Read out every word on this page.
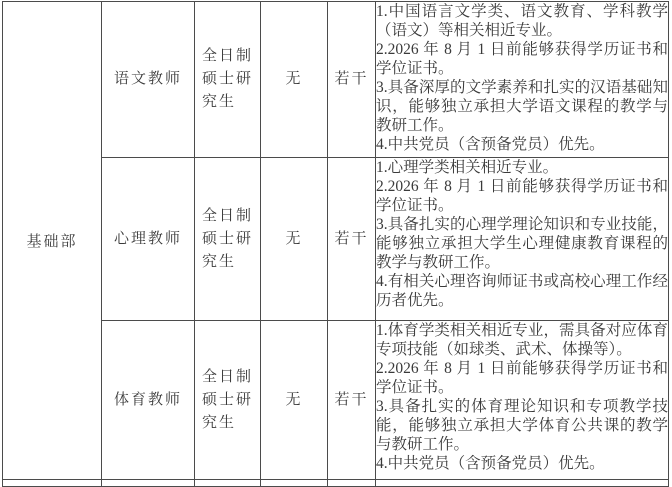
基础部	语文教师	全日制硕士研究生	无	若干	1.中国语言文学类、语文教育、学科教学（语文）等相关相近专业。
2.2026 年 8 月 1 日前能够获得学历证书和学位证书。
3.具备深厚的文学素养和扎实的汉语基础知识，能够独立承担大学语文课程的教学与教研工作。
4.中共党员（含预备党员）优先。

	心理教师	全日制硕士研究生	无	若干	1.心理学类相关相近专业。
2.2026 年 8 月 1 日前能够获得学历证书和学位证书。
3.具备扎实的心理学理论知识和专业技能，能够独立承担大学生心理健康教育课程的教学与教研工作。
4.有相关心理咨询师证书或高校心理工作经历者优先。

	体育教师	全日制硕士研究生	无	若干	1.体育学类相关相近专业，需具备对应体育专项技能（如球类、武术、体操等）。
2.2026 年 8 月 1 日前能够获得学历证书和学位证书。
3.具备扎实的体育理论知识和专项教学技能，能够独立承担大学体育公共课的教学与教研工作。
4.中共党员（含预备党员）优先。
